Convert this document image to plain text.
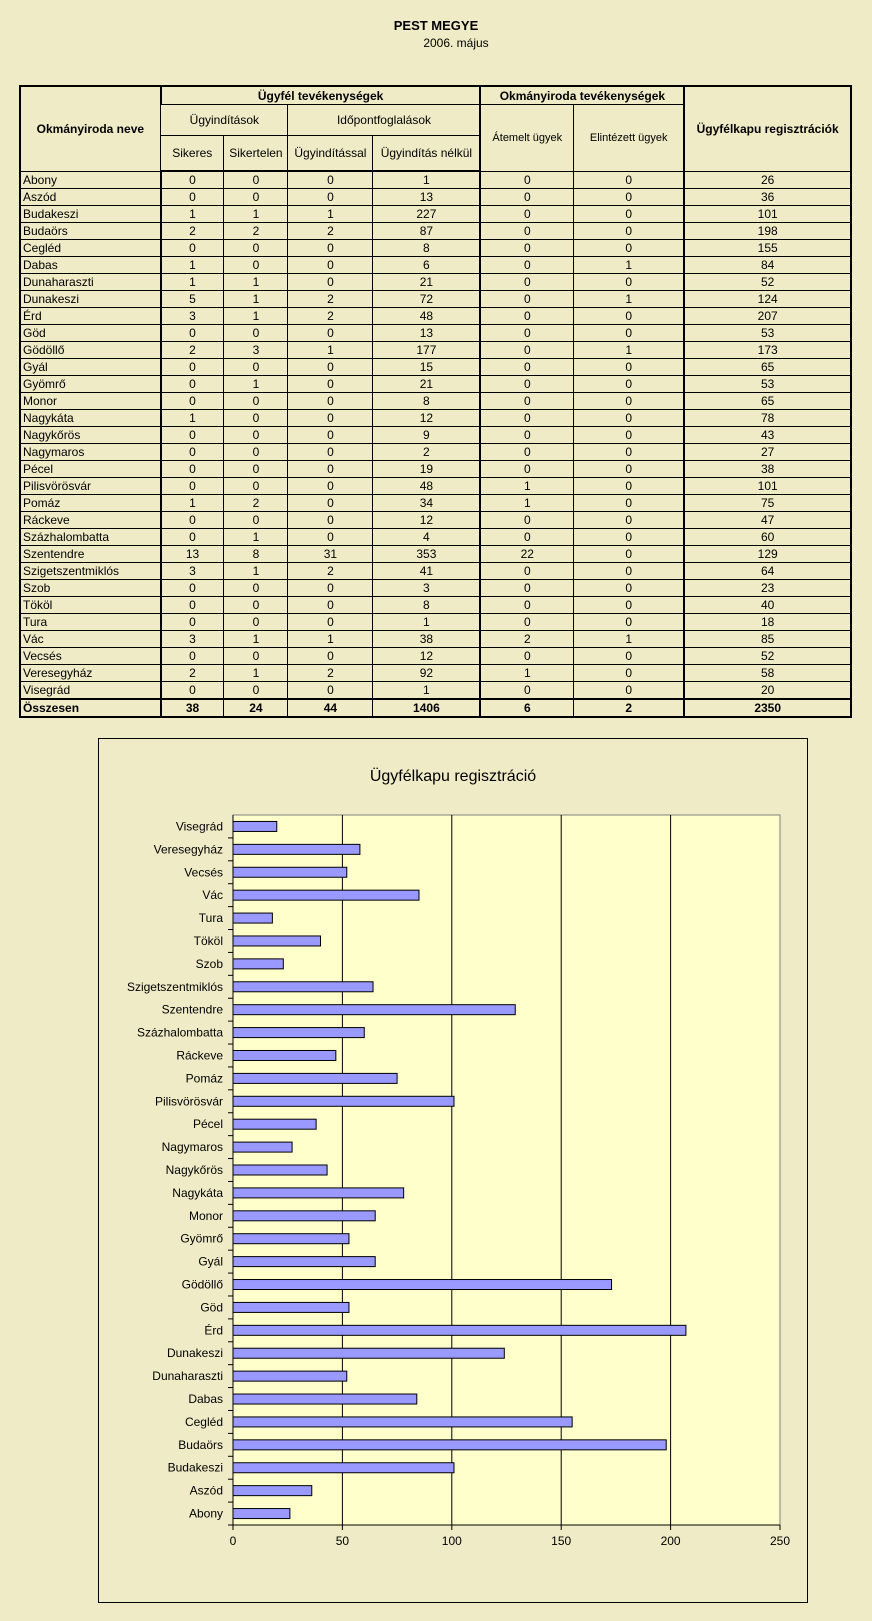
PEST MEGYE
2006. május
Okmányiroda neve	Ügyfél tevékenységek				Okmányiroda tevékenységek		Ügyfélkapu regisztrációk
	Ügyindítások		Időpontfoglalások		Átemelt ügyek	Elintézett ügyek	
	Sikeres	Sikertelen	Ügyindítással	Ügyindítás nélkül			
Abony	0	0	0	1	0	0	26
Aszód	0	0	0	13	0	0	36
Budakeszi	1	1	1	227	0	0	101
Budaörs	2	2	2	87	0	0	198
Cegléd	0	0	0	8	0	0	155
Dabas	1	0	0	6	0	1	84
Dunaharaszti	1	1	0	21	0	0	52
Dunakeszi	5	1	2	72	0	1	124
Érd	3	1	2	48	0	0	207
Göd	0	0	0	13	0	0	53
Gödöllő	2	3	1	177	0	1	173
Gyál	0	0	0	15	0	0	65
Gyömrő	0	1	0	21	0	0	53
Monor	0	0	0	8	0	0	65
Nagykáta	1	0	0	12	0	0	78
Nagykőrös	0	0	0	9	0	0	43
Nagymaros	0	0	0	2	0	0	27
Pécel	0	0	0	19	0	0	38
Pilisvörösvár	0	0	0	48	1	0	101
Pomáz	1	2	0	34	1	0	75
Ráckeve	0	0	0	12	0	0	47
Százhalombatta	0	1	0	4	0	0	60
Szentendre	13	8	31	353	22	0	129
Szigetszentmiklós	3	1	2	41	0	0	64
Szob	0	0	0	3	0	0	23
Tököl	0	0	0	8	0	0	40
Tura	0	0	0	1	0	0	18
Vác	3	1	1	38	2	1	85
Vecsés	0	0	0	12	0	0	52
Veresegyház	2	1	2	92	1	0	58
Visegrád	0	0	0	1	0	0	20
Összesen	38	24	44	1406	6	2	2350
Ügyfélkapu regisztráció
0	50	100	150	200	250
Abony
Aszód
Budakeszi
Budaörs
Cegléd
Dabas
Dunaharaszti
Dunakeszi
Érd
Göd
Gödöllő
Gyál
Gyömrő
Monor
Nagykáta
Nagykőrös
Nagymaros
Pécel
Pilisvörösvár
Pomáz
Ráckeve
Százhalombatta
Szentendre
Szigetszentmiklós
Szob
Tököl
Tura
Vác
Vecsés
Veresegyház
Visegrád
